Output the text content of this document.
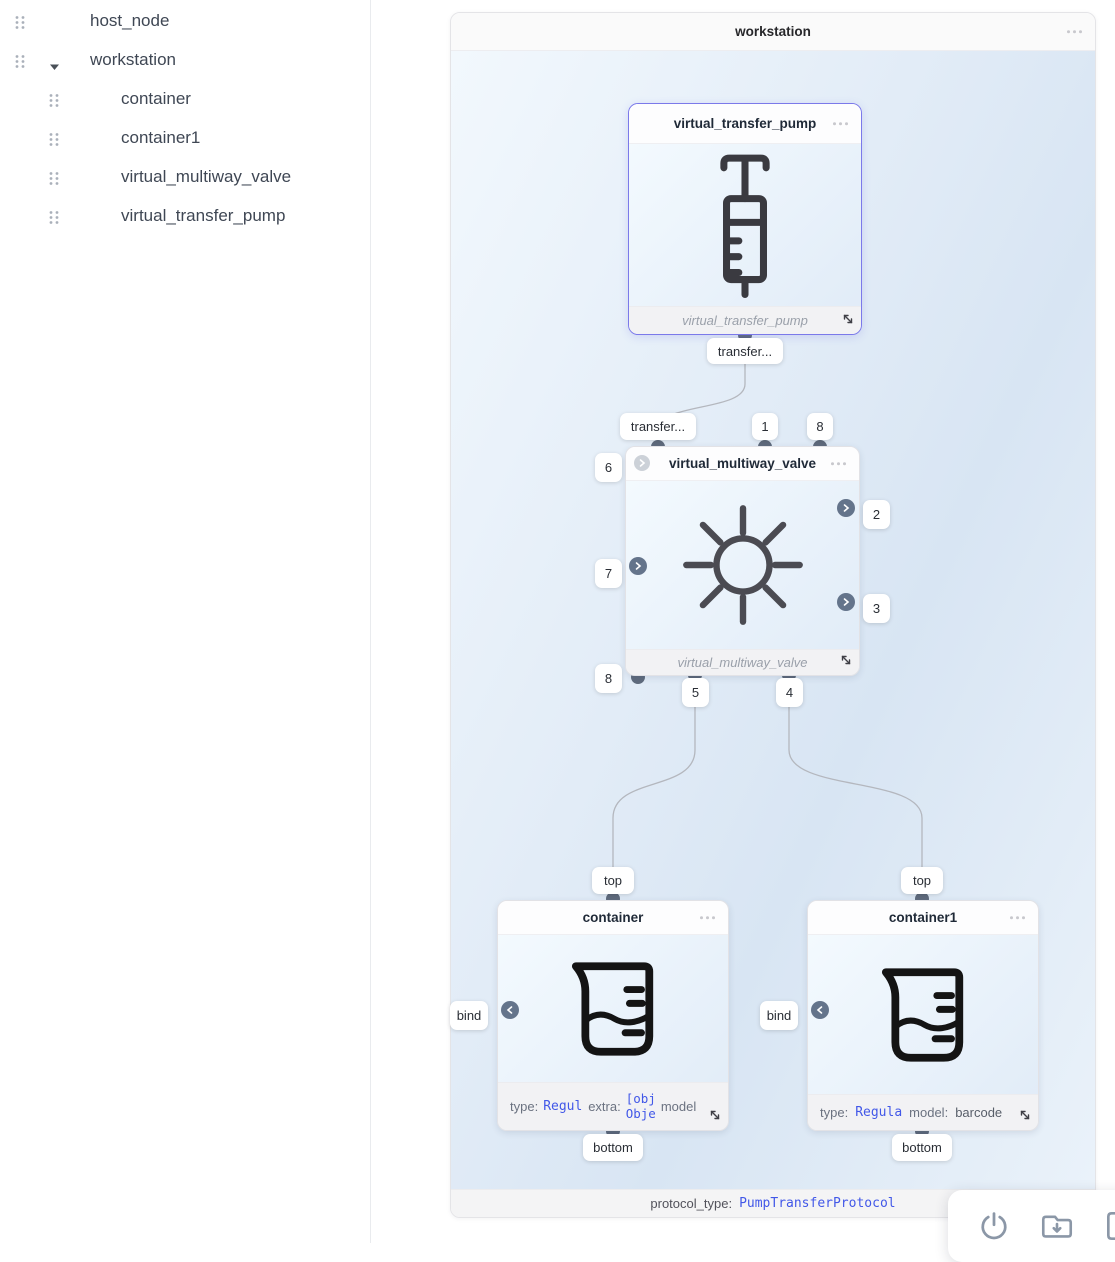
host_node
workstation
container
container1
virtual_multiway_valve
virtual_transfer_pump
workstation
protocol_type: PumpTransferProtocol
virtual_transfer_pump
virtual_transfer_pump
virtual_multiway_valve
virtual_multiway_valve
container
type: Regul extra:
[obj
Obje model
container1
type: Regula model: barcode
transfer...
transfer...	1	8
6
7
8
2
3
5	4
top
bind
bottom
top
bind
bottom
